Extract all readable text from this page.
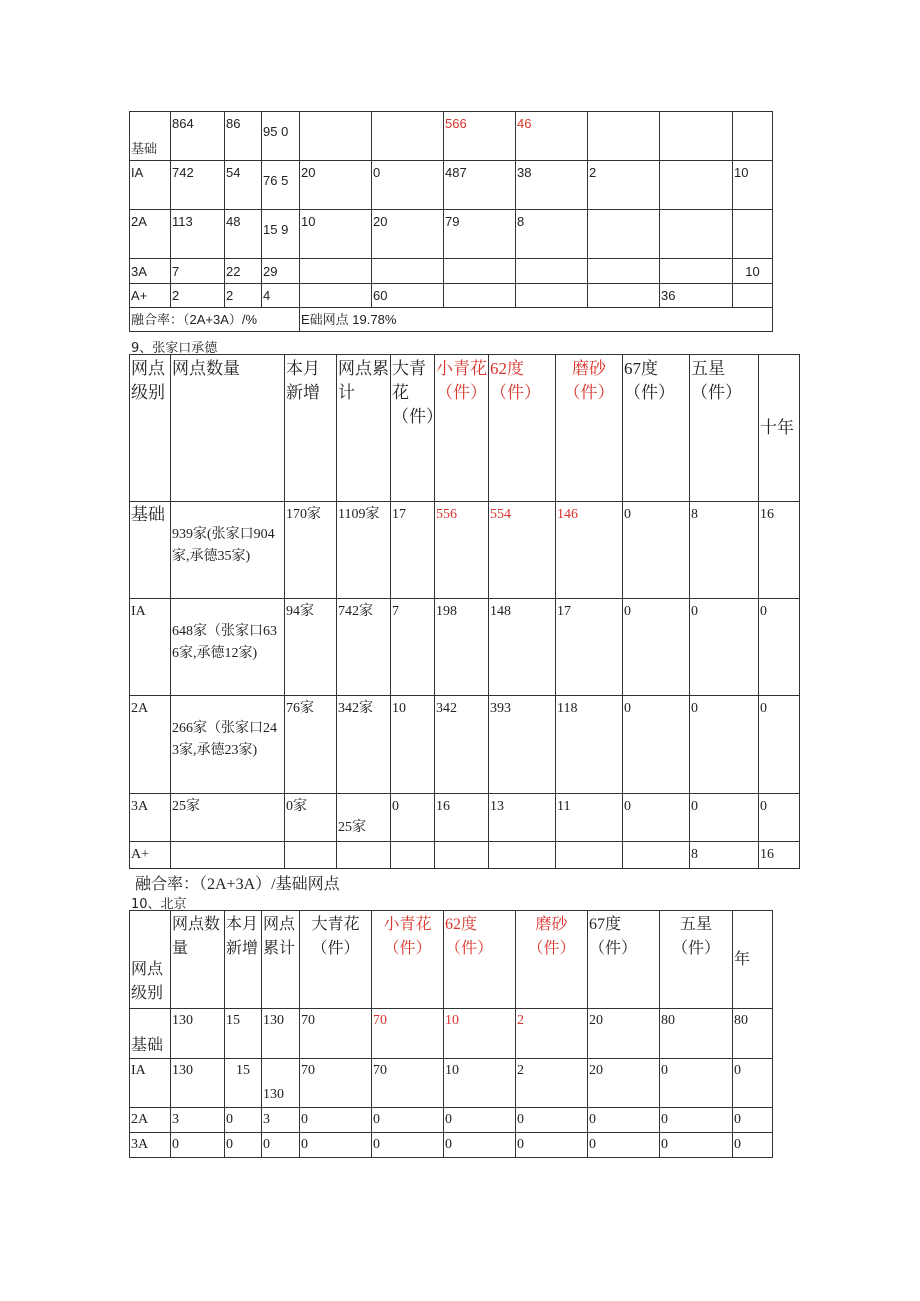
基础	864	86	95 0			566	46			
IA	742	54	76 5	20	0	487	38	2		10
2A	113	48	15 9	10	20	79	8			
3A	7	22	29							10
A+	2	2	4		60				36	
融合率：（2A+3A）/%				E础网点 19.78%						
9、张家口承德
网点级别	网点数量	本月新增	网点累计	大青花（件）	小青花（件）	62度（件）	磨砂（件）	67度（件）	五星（件）	十年
基础	939家(张家口904家,承德35家)	170家	1109家	17	556	554	146	0	8	16
IA	648家（张家口636家,承德12家)	94家	742家	7	198	148	17	0	0	0
2A	266家（张家口243家,承德23家)	76家	342家	10	342	393	118	0	0	0
3A	25家	0家	25家	0	16	13	11	0	0	0
A+									8	16
融合率：（2A+3A）/基础网点
10、北京
网点级别	网点数量	本月新增	网点累计	大青花（件）	小青花（件）	62度（件）	磨砂（件）	67度（件）	五星（件）	年
基础	130	15	130	70	70	10	2	20	80	80
IA	130	15	130	70	70	10	2	20	0	0
2A	3	0	3	0	0	0	0	0	0	0
3A	0	0	0	0	0	0	0	0	0	0
